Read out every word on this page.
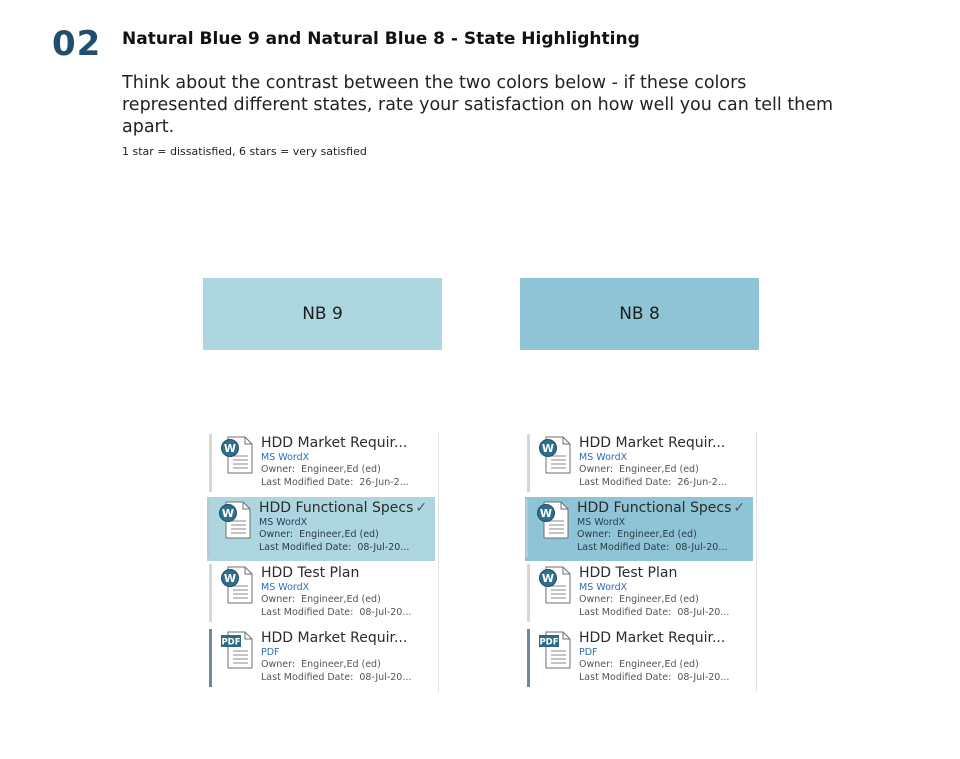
02 Natural Blue 9 and Natural Blue 8 - State Highlighting
Think about the contrast between the two colors below - if these colors represented different states, rate your satisfaction on how well you can tell them apart.
1 star = dissatisfied, 6 stars = very satisfied
NB 9	NB 8
W HDD Market Requir...
MS WordX
Owner: Engineer,Ed (ed)
Last Modified Date: 26-Jun-2...
W HDD Functional Specs ✓
MS WordX
Owner: Engineer,Ed (ed)
Last Modified Date: 08-Jul-20...
W HDD Test Plan
MS WordX
Owner: Engineer,Ed (ed)
Last Modified Date: 08-Jul-20...
PDF HDD Market Requir...
PDF
Owner: Engineer,Ed (ed)
Last Modified Date: 08-Jul-20...
W HDD Market Requir...
MS WordX
Owner: Engineer,Ed (ed)
Last Modified Date: 26-Jun-2...
W HDD Functional Specs ✓
MS WordX
Owner: Engineer,Ed (ed)
Last Modified Date: 08-Jul-20...
W HDD Test Plan
MS WordX
Owner: Engineer,Ed (ed)
Last Modified Date: 08-Jul-20...
PDF HDD Market Requir...
PDF
Owner: Engineer,Ed (ed)
Last Modified Date: 08-Jul-20...
